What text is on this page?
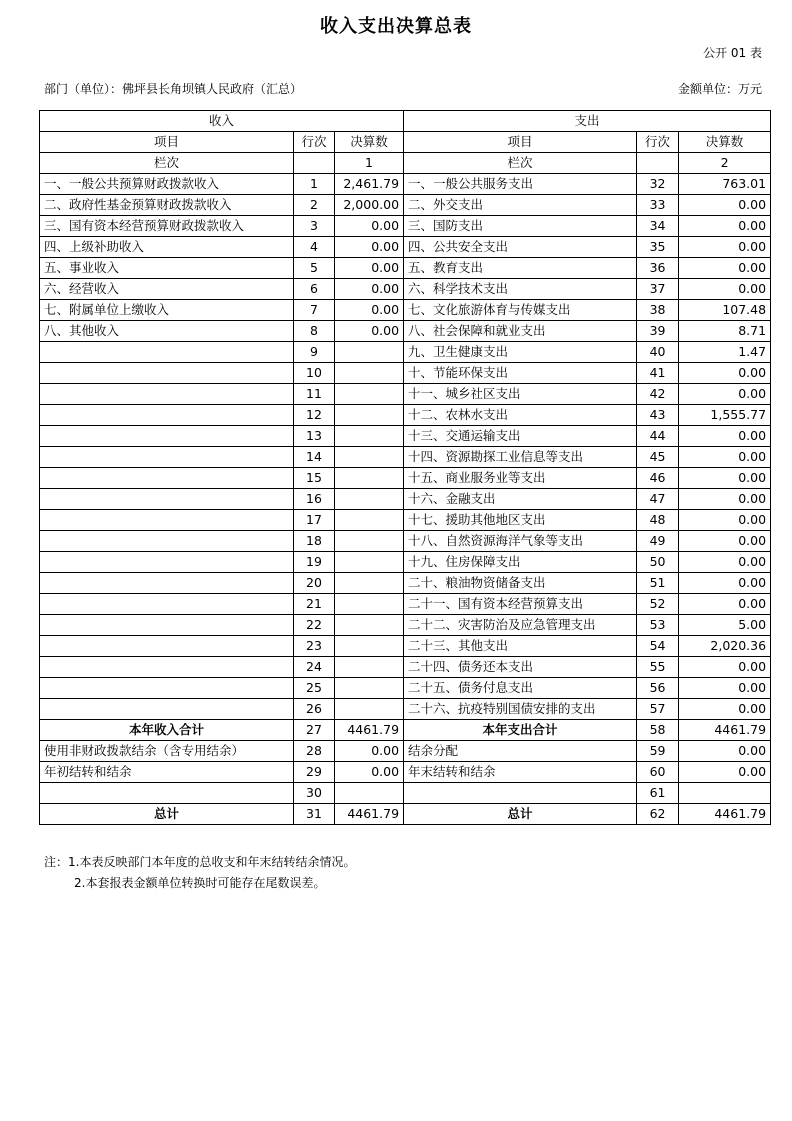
收入支出决算总表
公开 01 表
部门（单位）：佛坪县长角坝镇人民政府（汇总）	金额单位：万元
收入			支出		
项目	行次	决算数	项目	行次	决算数
栏次		1	栏次		2
一、一般公共预算财政拨款收入	1	2,461.79	一、一般公共服务支出	32	763.01
二、政府性基金预算财政拨款收入	2	2,000.00	二、外交支出	33	0.00
三、国有资本经营预算财政拨款收入	3	0.00	三、国防支出	34	0.00
四、上级补助收入	4	0.00	四、公共安全支出	35	0.00
五、事业收入	5	0.00	五、教育支出	36	0.00
六、经营收入	6	0.00	六、科学技术支出	37	0.00
七、附属单位上缴收入	7	0.00	七、文化旅游体育与传媒支出	38	107.48
八、其他收入	8	0.00	八、社会保障和就业支出	39	8.71
	9		九、卫生健康支出	40	1.47
	10		十、节能环保支出	41	0.00
	11		十一、城乡社区支出	42	0.00
	12		十二、农林水支出	43	1,555.77
	13		十三、交通运输支出	44	0.00
	14		十四、资源勘探工业信息等支出	45	0.00
	15		十五、商业服务业等支出	46	0.00
	16		十六、金融支出	47	0.00
	17		十七、援助其他地区支出	48	0.00
	18		十八、自然资源海洋气象等支出	49	0.00
	19		十九、住房保障支出	50	0.00
	20		二十、粮油物资储备支出	51	0.00
	21		二十一、国有资本经营预算支出	52	0.00
	22		二十二、灾害防治及应急管理支出	53	5.00
	23		二十三、其他支出	54	2,020.36
	24		二十四、债务还本支出	55	0.00
	25		二十五、债务付息支出	56	0.00
	26		二十六、抗疫特别国债安排的支出	57	0.00
本年收入合计	27	4461.79	本年支出合计	58	4461.79
使用非财政拨款结余（含专用结余）	28	0.00	结余分配	59	0.00
年初结转和结余	29	0.00	年末结转和结余	60	0.00
	30			61	
总计	31	4461.79	总计	62	4461.79
注：1.本表反映部门本年度的总收支和年末结转结余情况。
2.本套报表金额单位转换时可能存在尾数误差。
